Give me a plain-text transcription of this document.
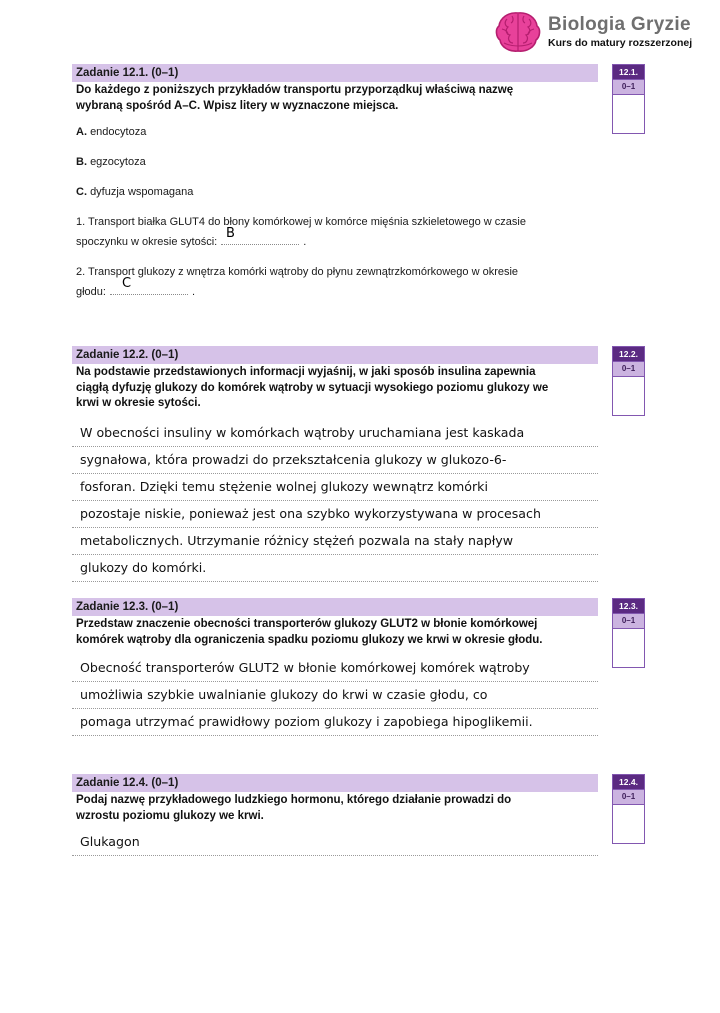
Biologia Gryzie
Kurs do matury rozszerzonej
Zadanie 12.1. (0–1)
Do każdego z poniższych przykładów transportu przyporządkuj właściwą nazwę
wybraną spośród A–C. Wpisz litery w wyznaczone miejsca.
A. endocytoza
B. egzocytoza
C. dyfuzja wspomagana
1. Transport białka GLUT4 do błony komórkowej w komórce mięśnia szkieletowego w czasie
spoczynku w okresie sytości:	.
B
2. Transport glukozy z wnętrza komórki wątroby do płynu zewnątrzkomórkowego w okresie
głodu:	.
C
12.1.
0–1
Zadanie 12.2. (0–1)
Na podstawie przedstawionych informacji wyjaśnij, w jaki sposób insulina zapewnia
ciągłą dyfuzję glukozy do komórek wątroby w sytuacji wysokiego poziomu glukozy we
krwi w okresie sytości.
W obecności insuliny w komórkach wątroby uruchamiana jest kaskada
sygnałowa, która prowadzi do przekształcenia glukozy w glukozo-6-
fosforan. Dzięki temu stężenie wolnej glukozy wewnątrz komórki
pozostaje niskie, ponieważ jest ona szybko wykorzystywana w procesach
metabolicznych. Utrzymanie różnicy stężeń pozwala na stały napływ
glukozy do komórki.
12.2.
0–1
Zadanie 12.3. (0–1)
Przedstaw znaczenie obecności transporterów glukozy GLUT2 w błonie komórkowej
komórek wątroby dla ograniczenia spadku poziomu glukozy we krwi w okresie głodu.
Obecność transporterów GLUT2 w błonie komórkowej komórek wątroby
umożliwia szybkie uwalnianie glukozy do krwi w czasie głodu, co
pomaga utrzymać prawidłowy poziom glukozy i zapobiega hipoglikemii.
12.3.
0–1
Zadanie 12.4. (0–1)
Podaj nazwę przykładowego ludzkiego hormonu, którego działanie prowadzi do
wzrostu poziomu glukozy we krwi.
Glukagon
12.4.
0–1
